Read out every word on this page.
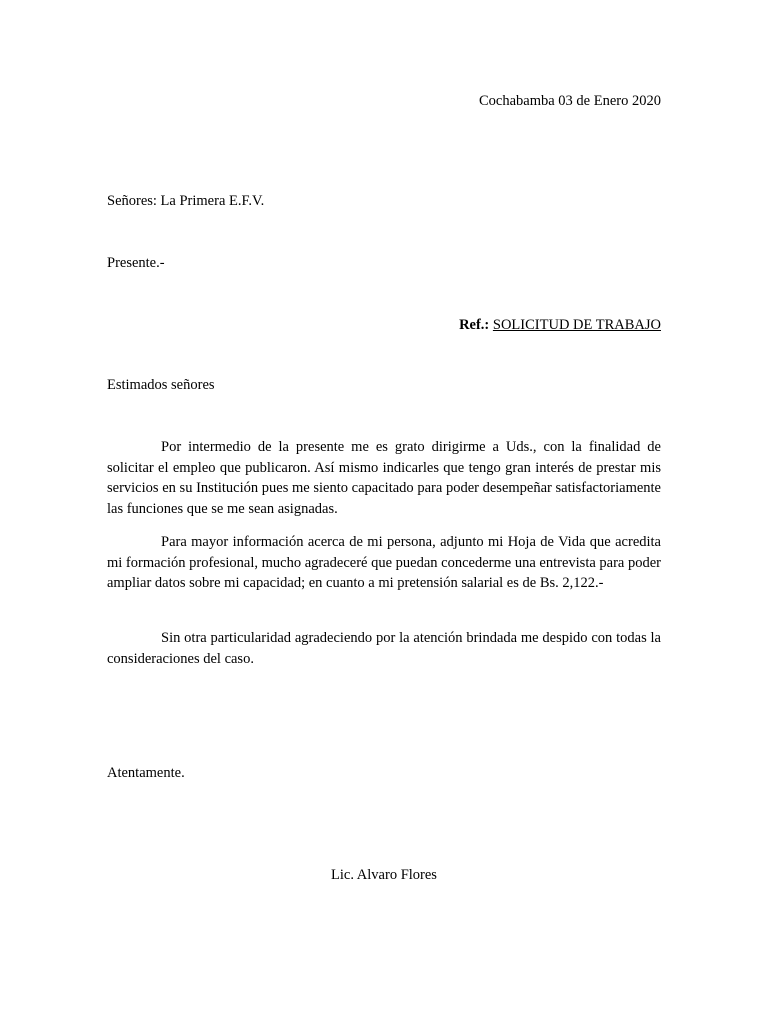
Cochabamba 03 de Enero 2020
Señores: La Primera E.F.V.
Presente.-
Ref.: SOLICITUD DE TRABAJO
Estimados señores
Por intermedio de la presente me es grato dirigirme a Uds., con la finalidad de solicitar el empleo que publicaron. Así mismo indicarles que tengo gran interés de prestar mis servicios en su Institución pues me siento capacitado para poder desempeñar satisfactoriamente las funciones que se me sean asignadas.
Para mayor información acerca de mi persona, adjunto mi Hoja de Vida que acredita mi formación profesional, mucho agradeceré que puedan concederme una entrevista para poder ampliar datos sobre mi capacidad; en cuanto a mi pretensión salarial es de Bs. 2,122.-
Sin otra particularidad agradeciendo por la atención brindada me despido con todas la consideraciones del caso.
Atentamente.
Lic. Alvaro Flores
